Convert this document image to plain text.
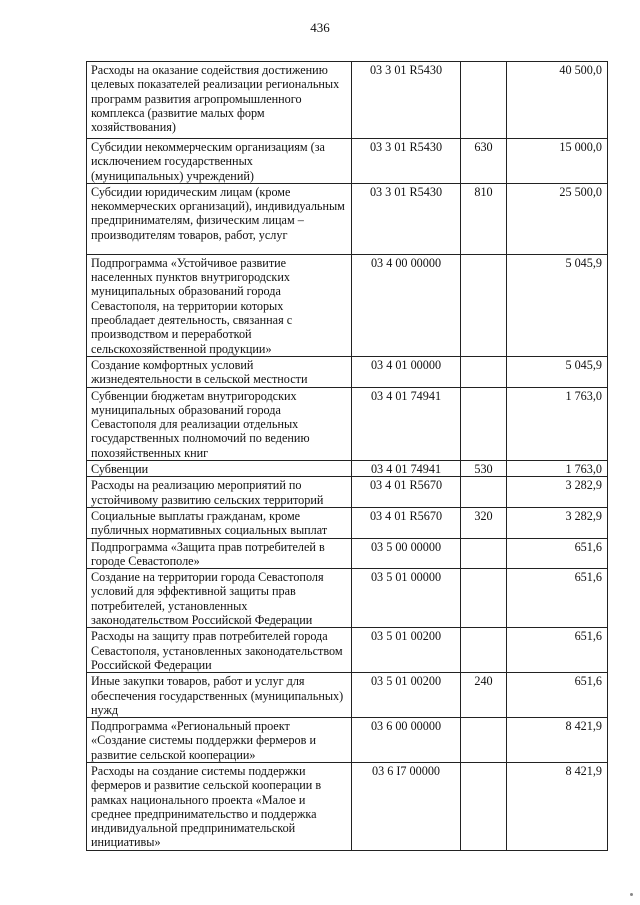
436
Расходы на оказание содействия достижению целевых показателей реализации региональных программ развития агропромышленного комплекса (развитие малых форм хозяйствования)	03 3 01 R5430		40 500,0
Субсидии некоммерческим организациям (за исключением государственных (муниципальных) учреждений)	03 3 01 R5430	630	15 000,0
Субсидии юридическим лицам (кроме некоммерческих организаций), индивидуальным предпринимателям, физическим лицам – производителям товаров, работ, услуг	03 3 01 R5430	810	25 500,0
Подпрограмма «Устойчивое развитие населенных пунктов внутригородских муниципальных образований города Севастополя, на территории которых преобладает деятельность, связанная с производством и переработкой сельскохозяйственной продукции»	03 4 00 00000		5 045,9
Создание комфортных условий жизнедеятельности в сельской местности	03 4 01 00000		5 045,9
Субвенции бюджетам внутригородских муниципальных образований города Севастополя для реализации отдельных государственных полномочий по ведению похозяйственных книг	03 4 01 74941		1 763,0
Субвенции	03 4 01 74941	530	1 763,0
Расходы на реализацию мероприятий по устойчивому развитию сельских территорий	03 4 01 R5670		3 282,9
Социальные выплаты гражданам, кроме публичных нормативных социальных выплат	03 4 01 R5670	320	3 282,9
Подпрограмма «Защита прав потребителей в городе Севастополе»	03 5 00 00000		651,6
Создание на территории города Севастополя условий для эффективной защиты прав потребителей, установленных законодательством Российской Федерации	03 5 01 00000		651,6
Расходы на защиту прав потребителей города Севастополя, установленных законодательством Российской Федерации	03 5 01 00200		651,6
Иные закупки товаров, работ и услуг для обеспечения государственных (муниципальных) нужд	03 5 01 00200	240	651,6
Подпрограмма «Региональный проект «Создание системы поддержки фермеров и развитие сельской кооперации»	03 6 00 00000		8 421,9
Расходы на создание системы поддержки фермеров и развитие сельской кооперации в рамках национального проекта «Малое и среднее предпринимательство и поддержка индивидуальной предпринимательской инициативы»	03 6 I7 00000		8 421,9
